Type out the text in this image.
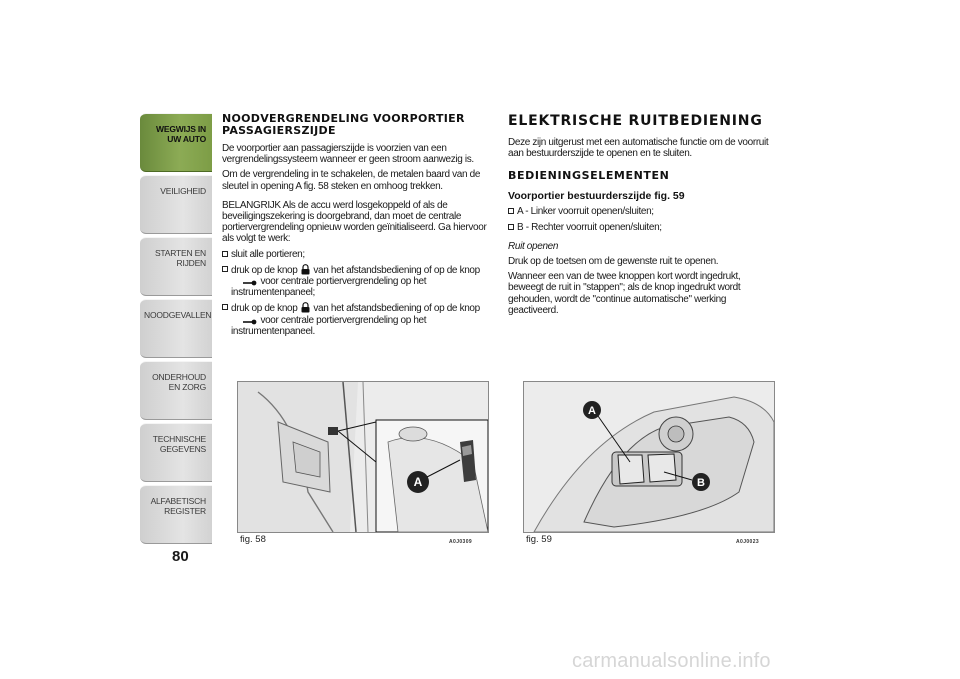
WEGWIJS IN UW AUTO
VEILIGHEID
STARTEN EN RIJDEN
NOODGEVALLEN
ONDERHOUD EN ZORG
TECHNISCHE GEGEVENS
ALFABETISCH REGISTER
80
NOODVERGRENDELING VOORPORTIER PASSAGIERSZIJDE

De voorportier aan passagierszijde is voorzien van een vergrendelingssysteem wanneer er geen stroom aanwezig is.

Om de vergrendeling in te schakelen, de metalen baard van de sleutel in opening A fig. 58 steken en omhoog trekken.

BELANGRIJK Als de accu werd losgekoppeld of als de beveiligingszekering is doorgebrand, dan moet de centrale portiervergrendeling opnieuw worden geïnitialiseerd. Ga hiervoor als volgt te werk:

sluit alle portieren;

druk op de knop van het afstandsbediening of op de knop
voor centrale portiervergrendeling op het instrumentenpaneel;

druk op de knop van het afstandsbediening of op de knop
voor centrale portiervergrendeling op het instrumentenpaneel.

ELEKTRISCHE RUITBEDIENING

Deze zijn uitgerust met een automatische functie om de voorruit aan bestuurderszijde te openen en te sluiten.

BEDIENINGSELEMENTEN
Voorportier bestuurderszijde fig. 59

A - Linker voorruit openen/sluiten;

B - Rechter voorruit openen/sluiten;

Ruit openen

Druk op de toetsen om de gewenste ruit te openen.

Wanneer een van de twee knoppen kort wordt ingedrukt, beweegt de ruit in "stappen"; als de knop ingedrukt wordt gehouden, wordt de "continue automatische" werking geactiveerd.

A
fig. 58	A0J0309
A
B
fig. 59	A0J0023
carmanualsonline.info
